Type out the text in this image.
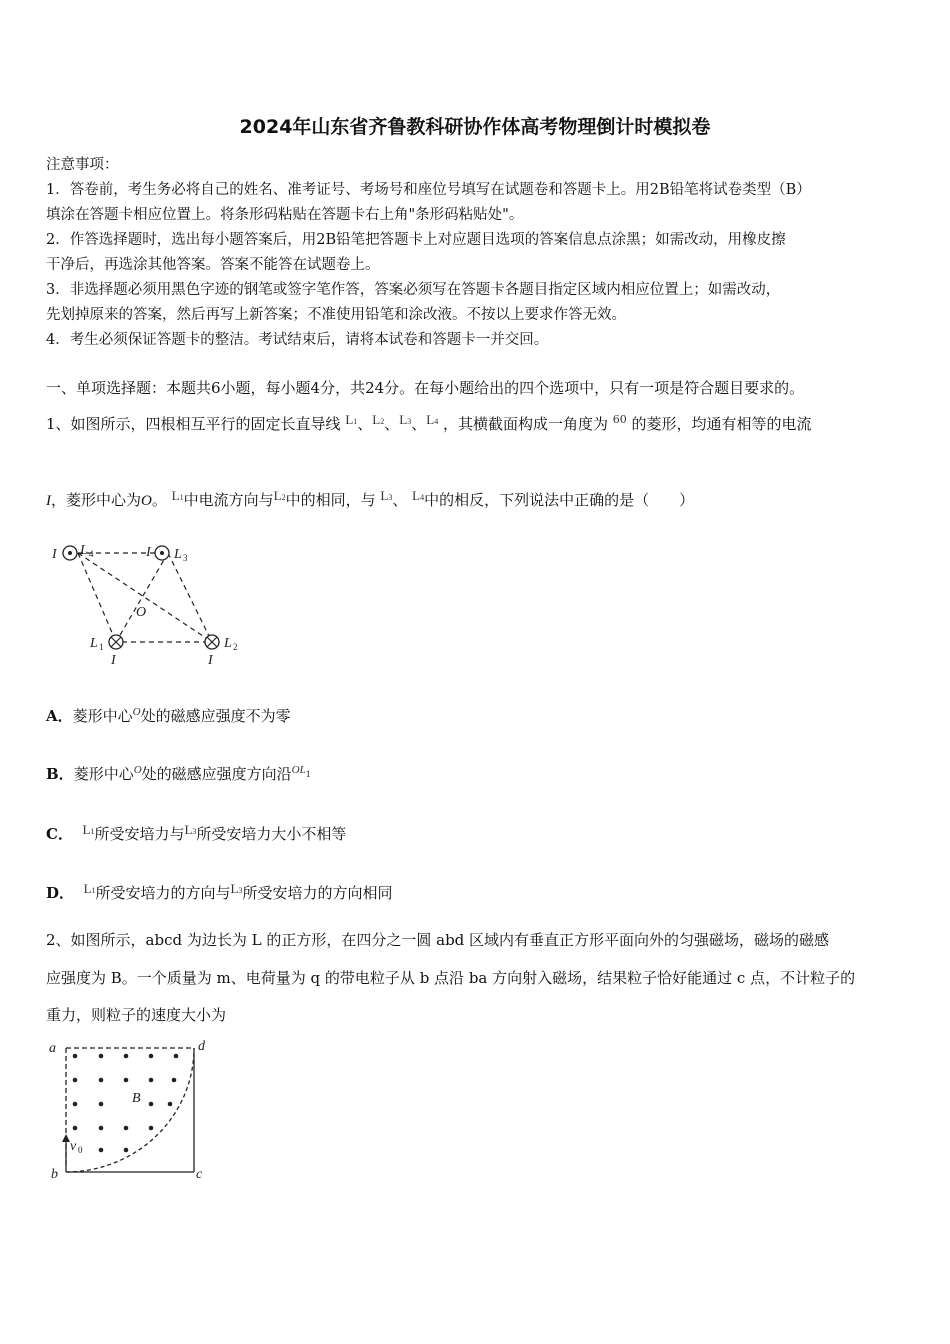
2024年山东省齐鲁教科研协作体高考物理倒计时模拟卷
注意事项：
1．答卷前，考生务必将自己的姓名、准考证号、考场号和座位号填写在试题卷和答题卡上。用2B铅笔将试卷类型（B）
填涂在答题卡相应位置上。将条形码粘贴在答题卡右上角"条形码粘贴处"。
2．作答选择题时，选出每小题答案后，用2B铅笔把答题卡上对应题目选项的答案信息点涂黑；如需改动，用橡皮擦
干净后，再选涂其他答案。答案不能答在试题卷上。
3．非选择题必须用黑色字迹的钢笔或签字笔作答，答案必须写在答题卡各题目指定区域内相应位置上；如需改动，
先划掉原来的答案，然后再写上新答案；不准使用铅笔和涂改液。不按以上要求作答无效。
4．考生必须保证答题卡的整洁。考试结束后，请将本试卷和答题卡一并交回。
一、单项选择题：本题共6小题，每小题4分，共24分。在每小题给出的四个选项中，只有一项是符合题目要求的。
1、如图所示，四根相互平行的固定长直导线 L1、L2、L3、L4 ，其横截面构成一角度为 $^{60}$ 的菱形，均通有相等的电流
I，菱形中心为O。 L1中电流方向与L2中的相同，与 L3、 L4中的相反，下列说法中正确的是（　　）
I L 4	I L 3
O
L 1
I
L 2
I
A．菱形中心$^O$处的磁感应强度不为零
B．菱形中心$^O$处的磁感应强度方向沿$^{OL}$1
C． L1所受安培力与L3所受安培力大小不相等
D． L1所受安培力的方向与L3所受安培力的方向相同
2、如图所示，abcd 为边长为 L 的正方形，在四分之一圆 abd 区域内有垂直正方形平面向外的匀强磁场，磁场的磁感
应强度为 B。一个质量为 m、电荷量为 q 的带电粒子从 b 点沿 ba 方向射入磁场，结果粒子恰好能通过 c 点，不计粒子的
重力，则粒子的速度大小为
a	d
b	c
B
v 0
